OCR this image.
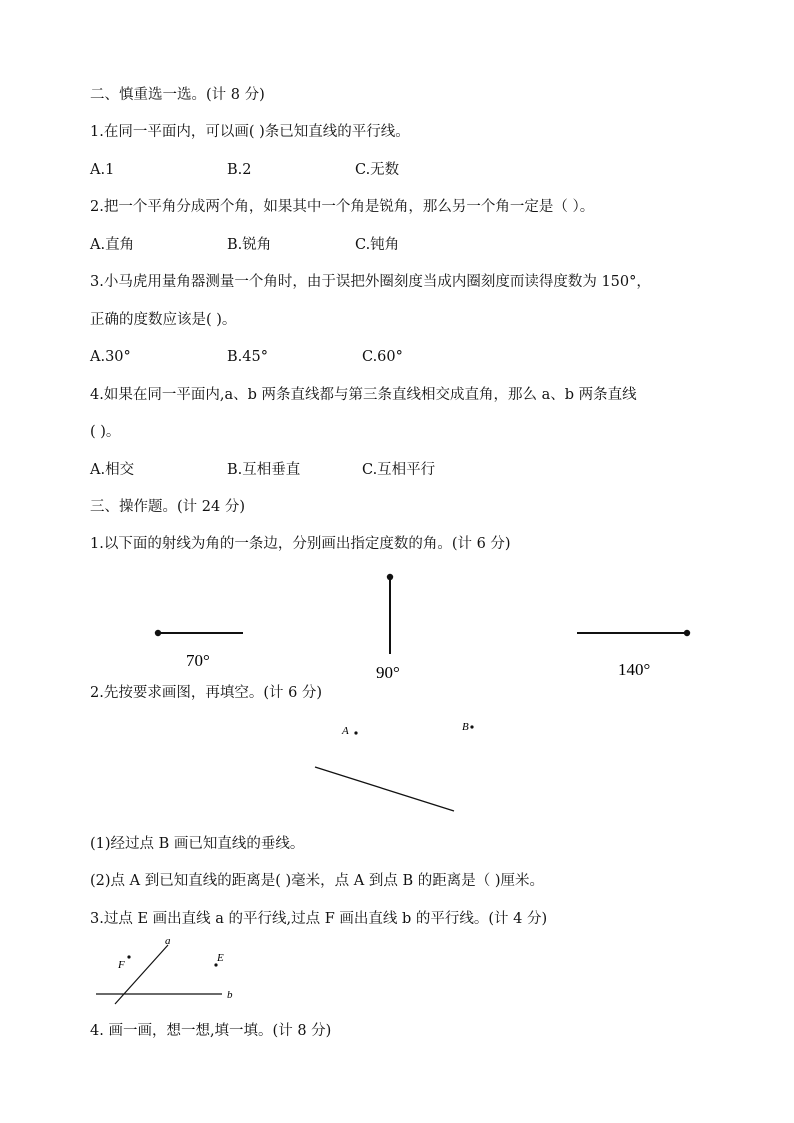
二、慎重选一选。(计 8 分)
1.在同一平面内，可以画( )条已知直线的平行线。
A.1	B.2	C.无数
2.把一个平角分成两个角，如果其中一个角是锐角，那么另一个角一定是（ ）。
A.直角	B.锐角	C.钝角
3.小马虎用量角器测量一个角时，由于误把外圈刻度当成内圈刻度而读得度数为 150°，
正确的度数应该是( )。
A.30°	B.45°	C.60°
4.如果在同一平面内,a、b 两条直线都与第三条直线相交成直角，那么 a、b 两条直线
( )。
A.相交	B.互相垂直	C.互相平行
三、操作题。(计 24 分)
1.以下面的射线为角的一条边，分别画出指定度数的角。(计 6 分)
70°
90°	140°
A	B
a
b
F
E
2.先按要求画图，再填空。(计 6 分)
(1)经过点 B 画已知直线的垂线。
(2)点 A 到已知直线的距离是( )毫米，点 A 到点 B 的距离是（ )厘米。
3.过点 E 画出直线 a 的平行线,过点 F 画出直线 b 的平行线。(计 4 分)
4. 画一画，想一想,填一填。(计 8 分)
